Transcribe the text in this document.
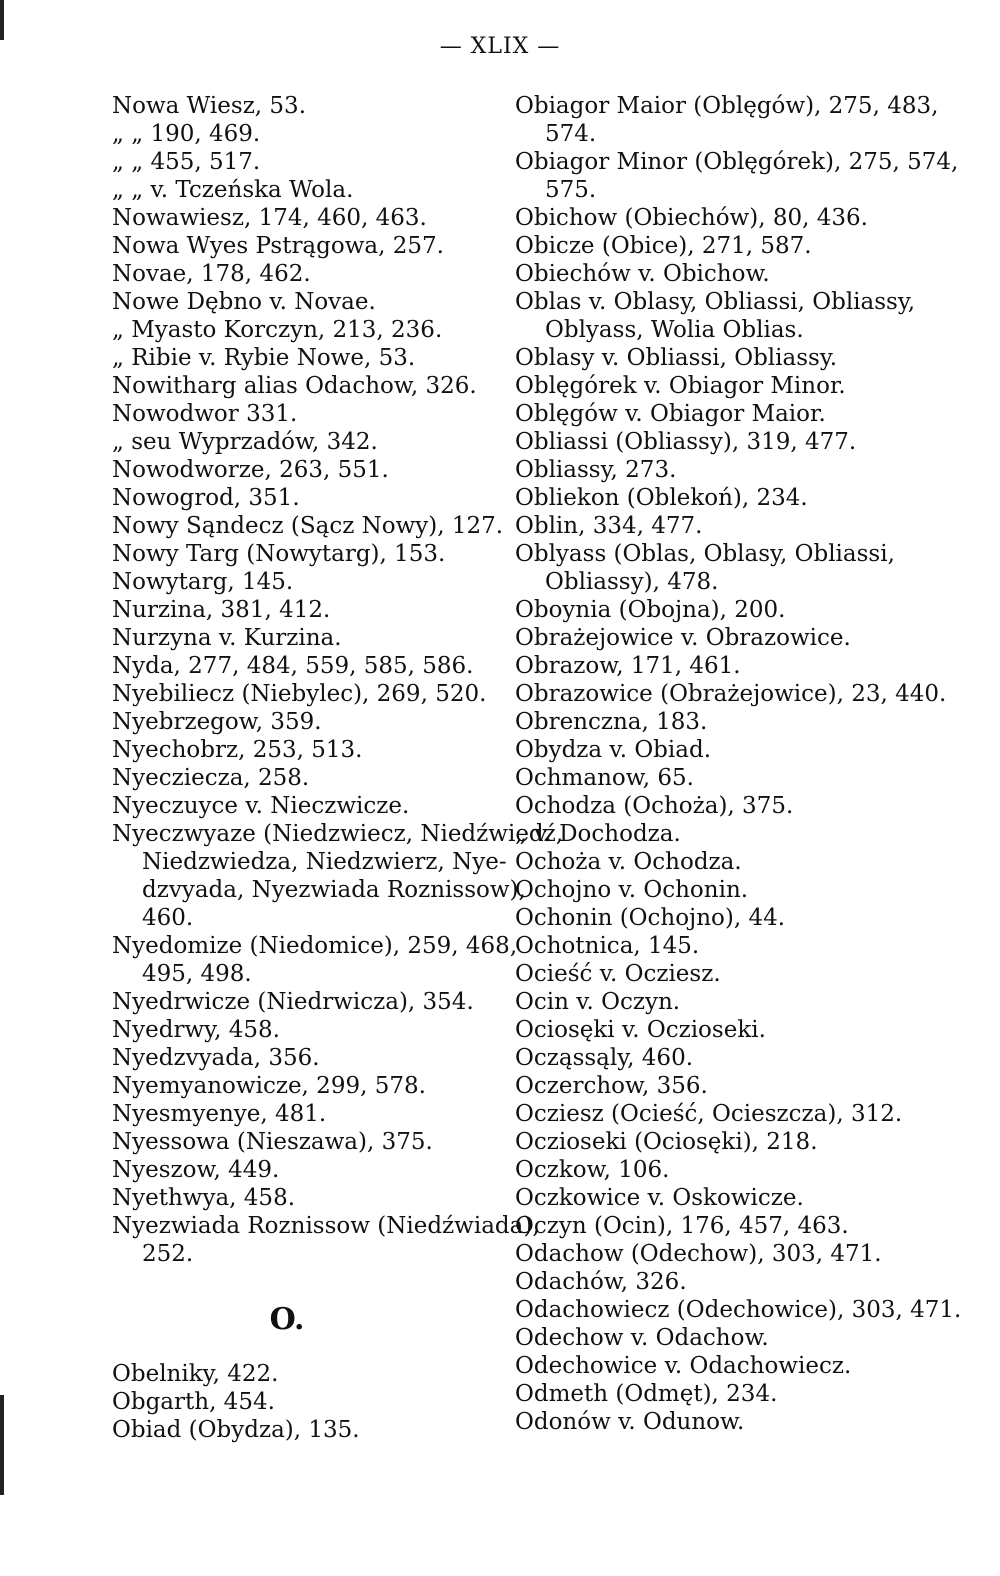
— XLIX —
Nowa Wiesz, 53.
„ „ 190, 469.
„ „ 455, 517.
„ „ v. Tczeńska Wola.
Nowawiesz, 174, 460, 463.
Nowa Wyes Pstrągowa, 257.
Novae, 178, 462.
Nowe Dębno v. Novae.
„ Myasto Korczyn, 213, 236.
„ Ribie v. Rybie Nowe, 53.
Nowitharg alias Odachow, 326.
Nowodwor 331.
„ seu Wyprzadów, 342.
Nowodworze, 263, 551.
Nowogrod, 351.
Nowy Sąndecz (Sącz Nowy), 127.
Nowy Targ (Nowytarg), 153.
Nowytarg, 145.
Nurzina, 381, 412.
Nurzyna v. Kurzina.
Nyda, 277, 484, 559, 585, 586.
Nyebiliecz (Niebylec), 269, 520.
Nyebrzegow, 359.
Nyechobrz, 253, 513.
Nyecziecza, 258.
Nyeczuyce v. Nieczwicze.
Nyeczwyaze (Niedzwiecz, Niedźwiedź,
Niedzwiedza, Niedzwierz, Nye-
dzvyada, Nyezwiada Roznissow),
460.
Nyedomize (Niedomice), 259, 468,
495, 498.
Nyedrwicze (Niedrwicza), 354.
Nyedrwy, 458.
Nyedzvyada, 356.
Nyemyanowicze, 299, 578.
Nyesmyenye, 481.
Nyessowa (Nieszawa), 375.
Nyeszow, 449.
Nyethwya, 458.
Nyezwiada Roznissow (Niedźwiada),
252.
O.
Obelniky, 422.
Obgarth, 454.
Obiad (Obydza), 135.
Obiagor Maior (Oblęgów), 275, 483,
574.
Obiagor Minor (Oblęgórek), 275, 574,
575.
Obichow (Obiechów), 80, 436.
Obicze (Obice), 271, 587.
Obiechów v. Obichow.
Oblas v. Oblasy, Obliassi, Obliassy,
Oblyass, Wolia Oblias.
Oblasy v. Obliassi, Obliassy.
Oblęgórek v. Obiagor Minor.
Oblęgów v. Obiagor Maior.
Obliassi (Obliassy), 319, 477.
Obliassy, 273.
Obliekon (Oblekoń), 234.
Oblin, 334, 477.
Oblyass (Oblas, Oblasy, Obliassi,
Obliassy), 478.
Oboynia (Obojna), 200.
Obrażejowice v. Obrazowice.
Obrazow, 171, 461.
Obrazowice (Obrażejowice), 23, 440.
Obrenczna, 183.
Obydza v. Obiad.
Ochmanow, 65.
Ochodza (Ochoża), 375.
„ v. Dochodza.
Ochoża v. Ochodza.
Ochojno v. Ochonin.
Ochonin (Ochojno), 44.
Ochotnica, 145.
Ocieść v. Ocziesz.
Ocin v. Oczyn.
Ociosęki v. Oczioseki.
Ocząssąly, 460.
Oczerchow, 356.
Ocziesz (Ocieść, Ocieszcza), 312.
Oczioseki (Ociosęki), 218.
Oczkow, 106.
Oczkowice v. Oskowicze.
Oczyn (Ocin), 176, 457, 463.
Odachow (Odechow), 303, 471.
Odachów, 326.
Odachowiecz (Odechowice), 303, 471.
Odechow v. Odachow.
Odechowice v. Odachowiecz.
Odmeth (Odmęt), 234.
Odonów v. Odunow.
